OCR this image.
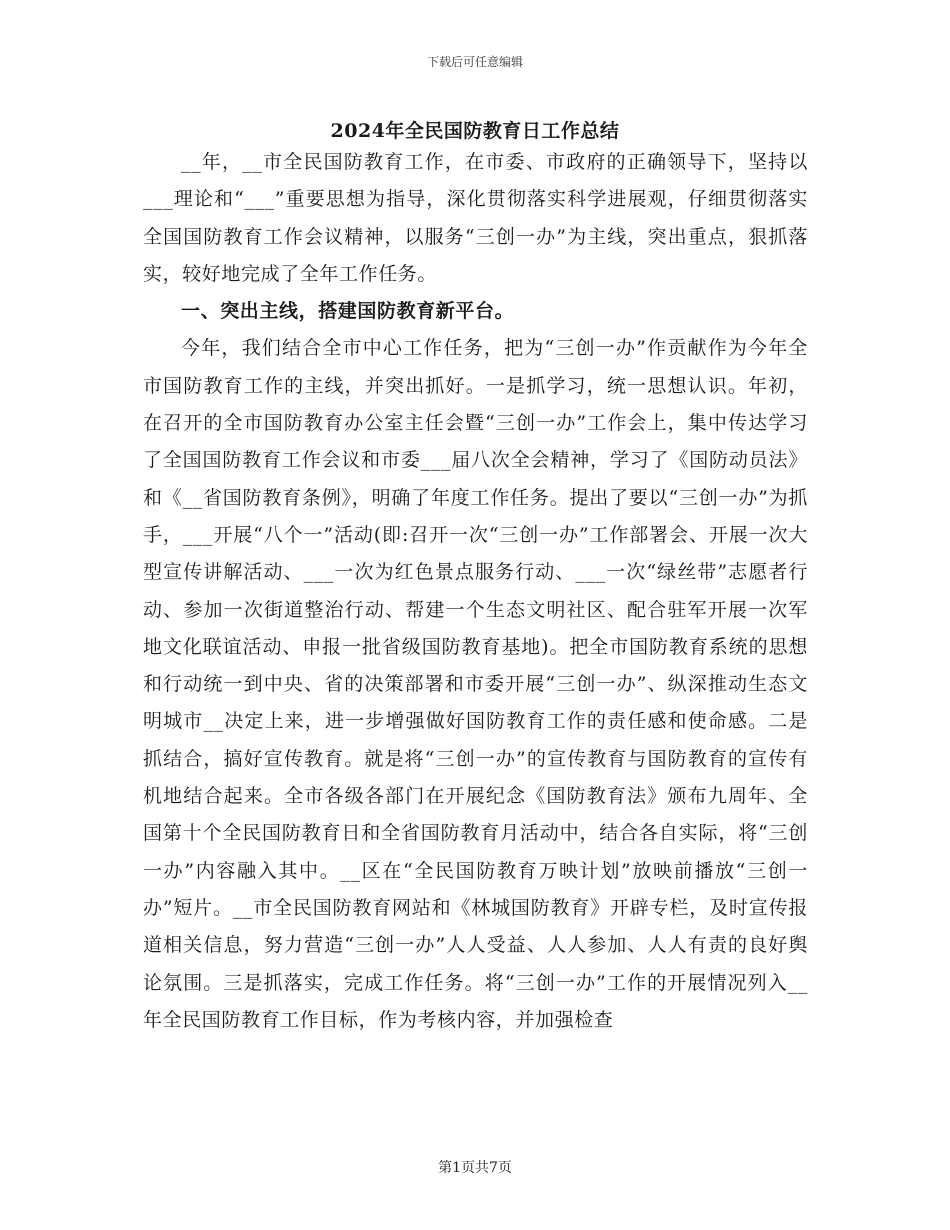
下载后可任意编辑
2024年全民国防教育日工作总结

__年，__市全民国防教育工作，在市委、市政府的正确领导下，坚持以___理论和“___”重要思想为指导，深化贯彻落实科学进展观，仔细贯彻落实全国国防教育工作会议精神，以服务“三创一办”为主线，突出重点，狠抓落实，较好地完成了全年工作任务。

一、突出主线，搭建国防教育新平台。

今年，我们结合全市中心工作任务，把为“三创一办”作贡献作为今年全市国防教育工作的主线，并突出抓好。一是抓学习，统一思想认识。年初，在召开的全市国防教育办公室主任会暨“三创一办”工作会上，集中传达学习了全国国防教育工作会议和市委___届八次全会精神，学习了《国防动员法》和《__省国防教育条例》，明确了年度工作任务。提出了要以“三创一办”为抓手，___开展“八个一”活动(即:召开一次“三创一办”工作部署会、开展一次大型宣传讲解活动、___一次为红色景点服务行动、___一次“绿丝带”志愿者行动、参加一次街道整治行动、帮建一个生态文明社区、配合驻军开展一次军地文化联谊活动、申报一批省级国防教育基地)。把全市国防教育系统的思想和行动统一到中央、省的决策部署和市委开展“三创一办”、纵深推动生态文明城市__决定上来，进一步增强做好国防教育工作的责任感和使命感。二是抓结合，搞好宣传教育。就是将“三创一办”的宣传教育与国防教育的宣传有机地结合起来。全市各级各部门在开展纪念《国防教育法》颁布九周年、全国第十个全民国防教育日和全省国防教育月活动中，结合各自实际，将“三创一办”内容融入其中。__区在“全民国防教育万映计划”放映前播放“三创一办”短片。__市全民国防教育网站和《林城国防教育》开辟专栏，及时宣传报道相关信息，努力营造“三创一办”人人受益、人人参加、人人有责的良好舆论氛围。三是抓落实，完成工作任务。将“三创一办”工作的开展情况列入__年全民国防教育工作目标，作为考核内容，并加强检查

第1页共7页
